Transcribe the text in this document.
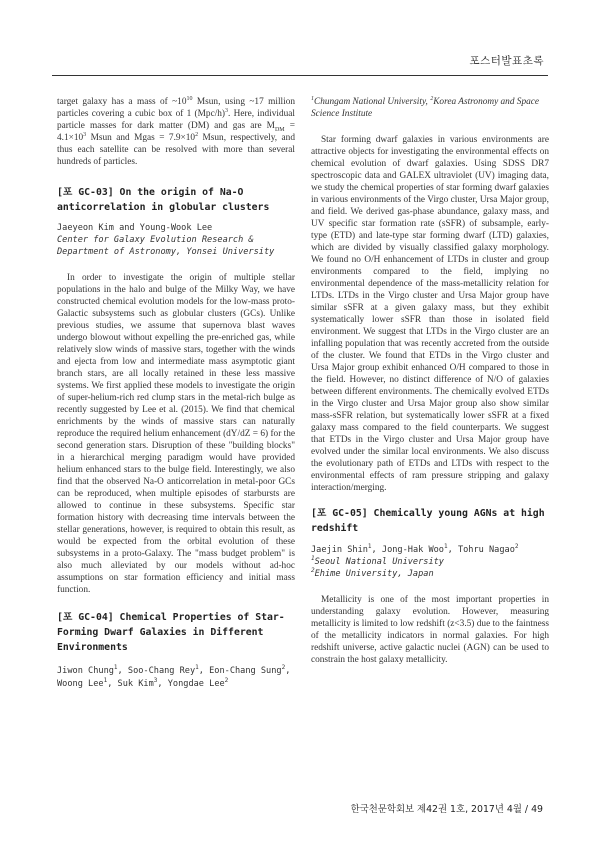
포스터발표초록

target galaxy has a mass of $\sim 10^{10}$ Msun, using ~17 million particles covering a cubic box of 1 $(Mpc/h)^3$. Here, individual particle masses for dark matter (DM) and gas are $M_{DM} = 4.1\times 10^3$ Msun and Mgas = $7.9\times 10^2$ Msun, respectively, and thus each satellite can be resolved with more than several hundreds of particles.

[포 GC-03] On the origin of Na-O anticorrelation in globular clusters

Jaeyeon Kim and Young-Wook Lee

Center for Galaxy Evolution Research & Department of Astronomy, Yonsei University

In order to investigate the origin of multiple stellar populations in the halo and bulge of the Milky Way, we have constructed chemical evolution models for the low-mass proto-Galactic subsystems such as globular clusters (GCs). Unlike previous studies, we assume that supernova blast waves undergo blowout without expelling the pre-enriched gas, while relatively slow winds of massive stars, together with the winds and ejecta from low and intermediate mass asymptotic giant branch stars, are all locally retained in these less massive systems. We first applied these models to investigate the origin of super-helium-rich red clump stars in the metal-rich bulge as recently suggested by Lee et al. (2015). We find that chemical enrichments by the winds of massive stars can naturally reproduce the required helium enhancement (dY/dZ = 6) for the second generation stars. Disruption of these "building blocks" in a hierarchical merging paradigm would have provided helium enhanced stars to the bulge field. Interestingly, we also find that the observed Na-O anticorrelation in metal-poor GCs can be reproduced, when multiple episodes of starbursts are allowed to continue in these subsystems. Specific star formation history with decreasing time intervals between the stellar generations, however, is required to obtain this result, as would be expected from the orbital evolution of these subsystems in a proto-Galaxy. The "mass budget problem" is also much alleviated by our models without ad-hoc assumptions on star formation efficiency and initial mass function.

[포 GC-04] Chemical Properties of Star-Forming Dwarf Galaxies in Different Environments

Jiwon Chung$^1$, Soo-Chang Rey$^1$, Eon-Chang Sung$^2$, Woong Lee$^1$, Suk Kim$^3$, Yongdae Lee$^2$

$^1$Chungam National University, $^2$Korea Astronomy and Space Science Institute

Star forming dwarf galaxies in various environments are attractive objects for investigating the environmental effects on chemical evolution of dwarf galaxies. Using SDSS DR7 spectroscopic data and GALEX ultraviolet (UV) imaging data, we study the chemical properties of star forming dwarf galaxies in various environments of the Virgo cluster, Ursa Major group, and field. We derived gas-phase abundance, galaxy mass, and UV specific star formation rate (sSFR) of subsample, early-type (ETD) and late-type star forming dwarf (LTD) galaxies, which are divided by visually classified galaxy morphology. We found no O/H enhancement of LTDs in cluster and group environments compared to the field, implying no environmental dependence of the mass-metallicity relation for LTDs. LTDs in the Virgo cluster and Ursa Major group have similar sSFR at a given galaxy mass, but they exhibit systematically lower sSFR than those in isolated field environment. We suggest that LTDs in the Virgo cluster are an infalling population that was recently accreted from the outside of the cluster. We found that ETDs in the Virgo cluster and Ursa Major group exhibit enhanced O/H compared to those in the field. However, no distinct difference of N/O of galaxies between different environments. The chemically evolved ETDs in the Virgo cluster and Ursa Major group also show similar mass-sSFR relation, but systematically lower sSFR at a fixed galaxy mass compared to the field counterparts. We suggest that ETDs in the Virgo cluster and Ursa Major group have evolved under the similar local environments. We also discuss the evolutionary path of ETDs and LTDs with respect to the environmental effects of ram pressure stripping and galaxy interaction/merging.

[포 GC-05] Chemically young AGNs at high redshift

Jaejin Shin$^1$, Jong-Hak Woo$^1$, Tohru Nagao$^2$

$^1$Seoul National University

$^2$Ehime University, Japan

Metallicity is one of the most important properties in understanding galaxy evolution. However, measuring metallicity is limited to low redshift (z<3.5) due to the faintness of the metallicity indicators in normal galaxies. For high redshift universe, active galactic nuclei (AGN) can be used to constrain the host galaxy metallicity.

한국천문학회보 제42권 1호, 2017년 4월 / 49
